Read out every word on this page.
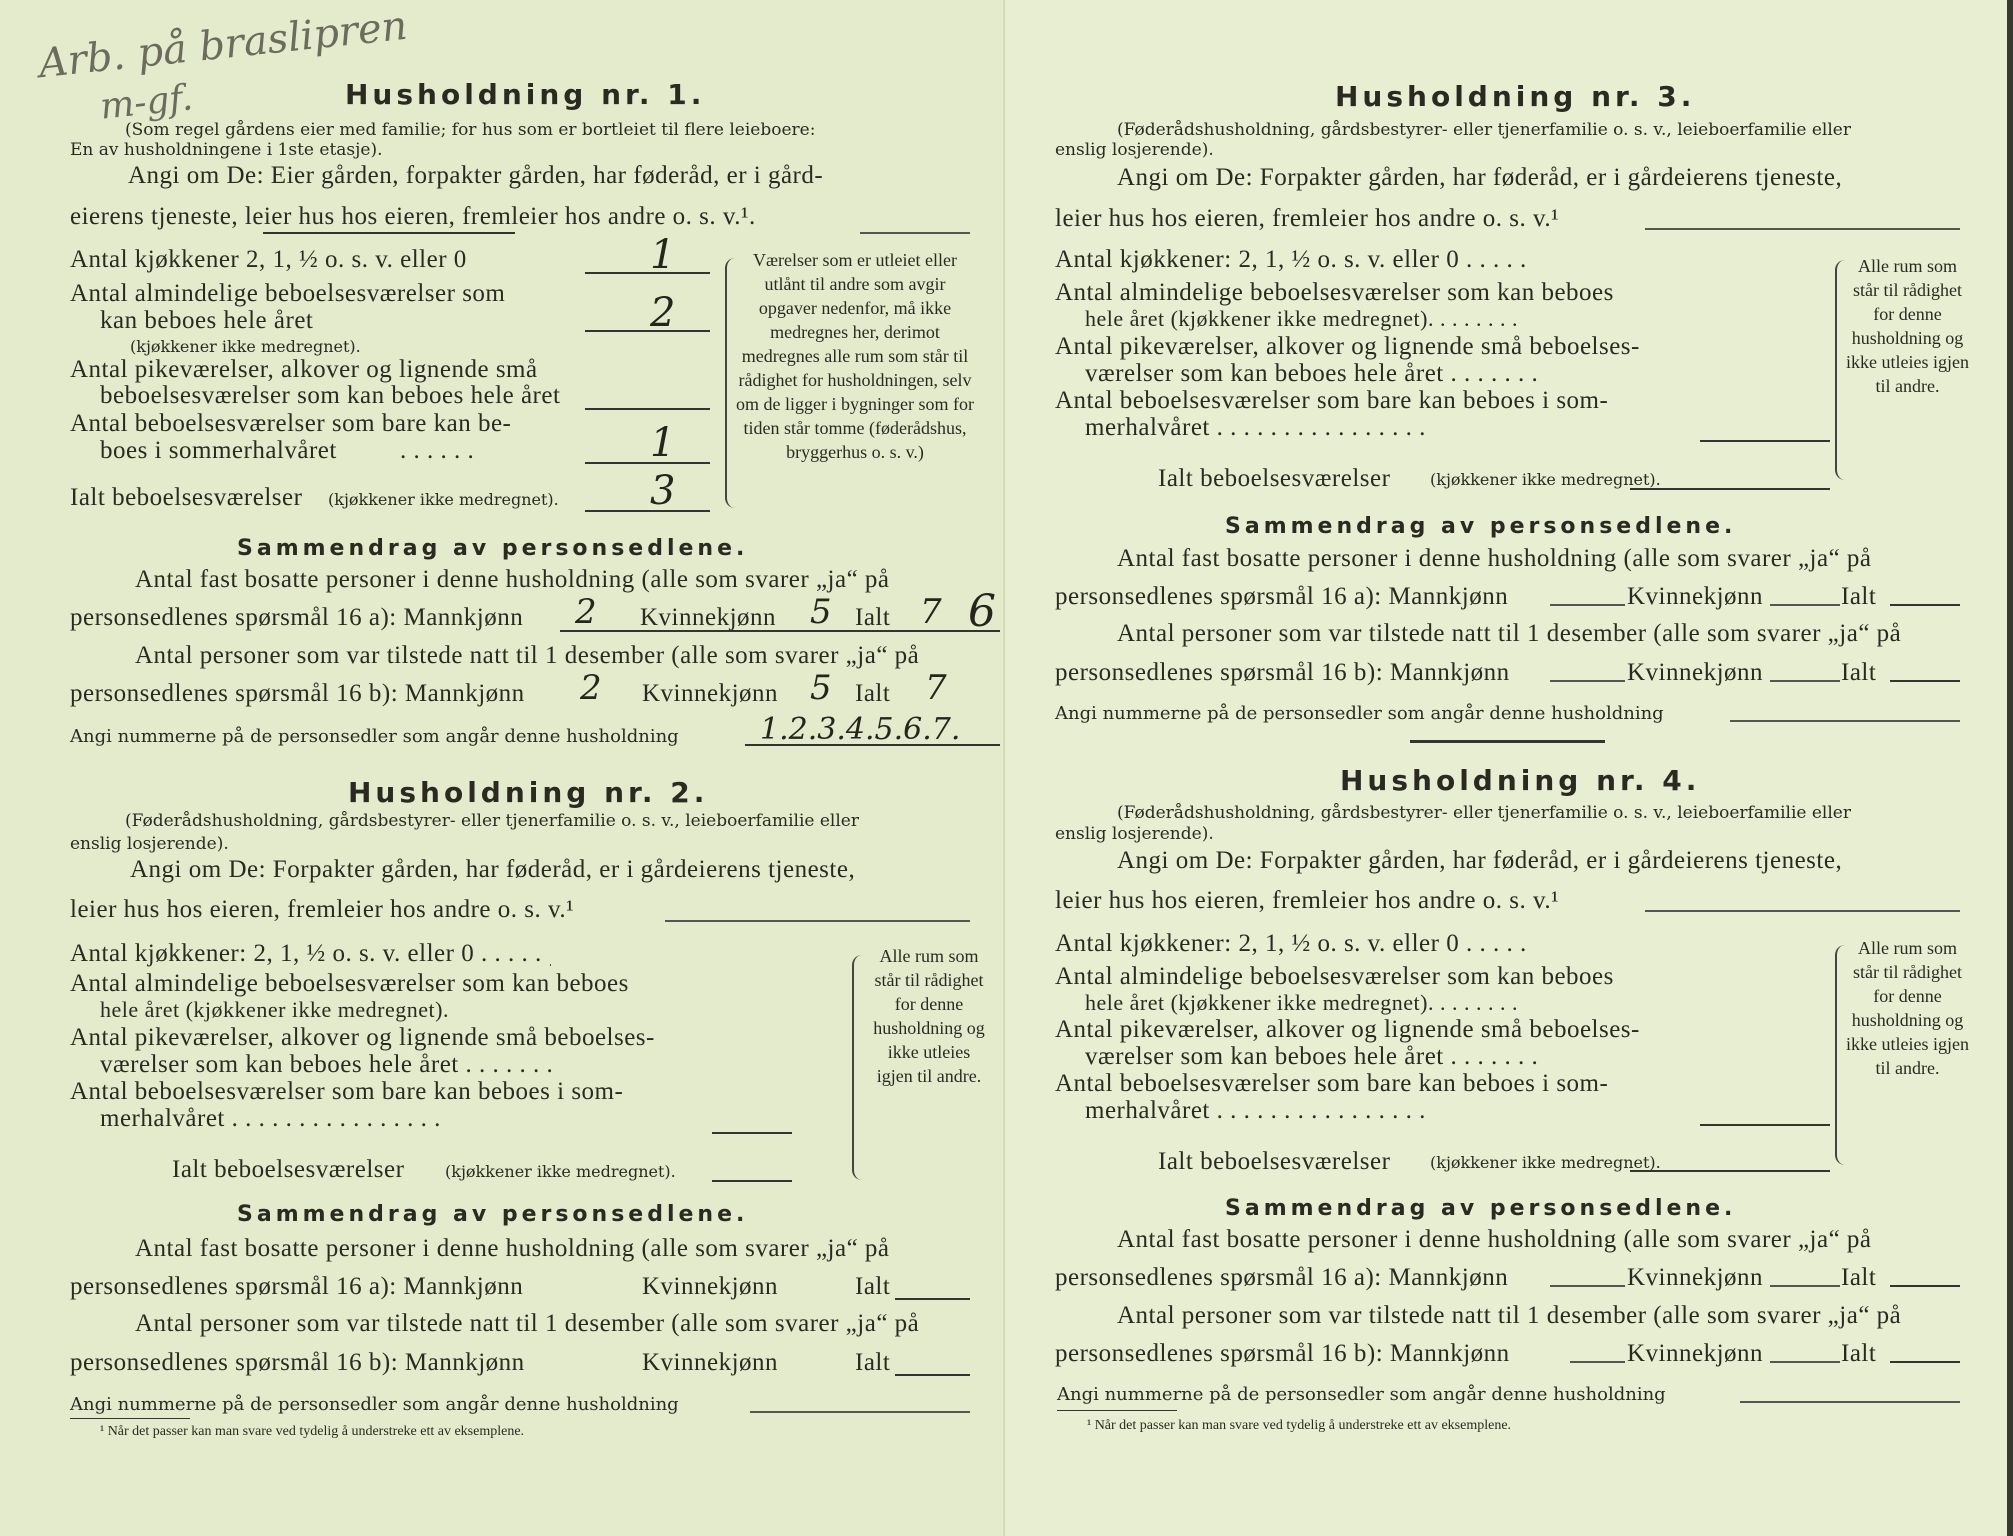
Arb. på braslipren
m-gf.	Husholdning nr. 1.
(Som regel gårdens eier med familie; for hus som er bortleiet til flere leieboere:
En av husholdningene i 1ste etasje).
Angi om De: Eier gården, forpakter gården, har føderåd, er i gård-
eierens tjeneste, leier hus hos eieren, fremleier hos andre o. s. v.¹.
Antal kjøkkener 2, 1, ½ o. s. v. eller 0	1
Antal almindelige beboelsesværelser som
kan beboes hele året
(kjøkkener ikke medregnet).
2
Antal pikeværelser, alkover og lignende små
beboelsesværelser som kan beboes hele året
Antal beboelsesværelser som bare kan be-
boes i sommerhalvåret	. . . . . .	1
Ialt beboelsesværelser (kjøkkener ikke medregnet). 3
Værelser som er utleiet eller utlånt til andre som avgir opgaver nedenfor, må ikke medregnes her, derimot medregnes alle rum som står til rådighet for husholdningen, selv om de ligger i bygninger som for tiden står tomme (føderådshus, bryggerhus o. s. v.)
Sammendrag av personsedlene.
Antal fast bosatte personer i denne husholdning (alle som svarer „ja“ på
personsedlenes spørsmål 16 a): Mannkjønn 2 Kvinnekjønn 5 Ialt 7 6
Antal personer som var tilstede natt til 1 desember (alle som svarer „ja“ på
personsedlenes spørsmål 16 b): Mannkjønn 2 Kvinnekjønn 5 Ialt 7
Angi nummerne på de personsedler som angår denne husholdning	1.2.3.4.5.6.7.
Husholdning nr. 2.
(Føderådshusholdning, gårdsbestyrer- eller tjenerfamilie o. s. v., leieboerfamilie eller
enslig losjerende).
Angi om De: Forpakter gården, har føderåd, er i gårdeierens tjeneste,
leier hus hos eieren, fremleier hos andre o. s. v.¹
Antal kjøkkener: 2, 1, ½ o. s. v. eller 0 . . . . .
Antal almindelige beboelsesværelser som kan beboes
hele året (kjøkkener ikke medregnet).
Antal pikeværelser, alkover og lignende små beboelses-
værelser som kan beboes hele året . . . . . . .
Antal beboelsesværelser som bare kan beboes i som-
merhalvåret . . . . . . . . . . . . . . . .
Ialt beboelsesværelser	(kjøkkener ikke medregnet).
Alle rum som står til rådighet for denne husholdning og ikke utleies igjen til andre.
Sammendrag av personsedlene.
Antal fast bosatte personer i denne husholdning (alle som svarer „ja“ på
personsedlenes spørsmål 16 a): Mannkjønn	Kvinnekjønn	Ialt
Antal personer som var tilstede natt til 1 desember (alle som svarer „ja“ på
personsedlenes spørsmål 16 b): Mannkjønn	Kvinnekjønn	Ialt
Angi nummerne på de personsedler som angår denne husholdning
¹ Når det passer kan man svare ved tydelig å understreke ett av eksemplene.
Husholdning nr. 3.
(Føderådshusholdning, gårdsbestyrer- eller tjenerfamilie o. s. v., leieboerfamilie eller
enslig losjerende).
Angi om De: Forpakter gården, har føderåd, er i gårdeierens tjeneste,
leier hus hos eieren, fremleier hos andre o. s. v.¹
Antal kjøkkener: 2, 1, ½ o. s. v. eller 0 . . . . .
Antal almindelige beboelsesværelser som kan beboes
hele året (kjøkkener ikke medregnet). . . . . . . .
Antal pikeværelser, alkover og lignende små beboelses-
værelser som kan beboes hele året . . . . . . .
Antal beboelsesværelser som bare kan beboes i som-
merhalvåret . . . . . . . . . . . . . . . .
Ialt beboelsesværelser (kjøkkener ikke medregnet).
Alle rum som står til rådighet for denne husholdning og ikke utleies igjen til andre.
Sammendrag av personsedlene.
Antal fast bosatte personer i denne husholdning (alle som svarer „ja“ på
personsedlenes spørsmål 16 a): Mannkjønn	Kvinnekjønn	Ialt
Antal personer som var tilstede natt til 1 desember (alle som svarer „ja“ på
personsedlenes spørsmål 16 b): Mannkjønn	Kvinnekjønn	Ialt
Angi nummerne på de personsedler som angår denne husholdning
Husholdning nr. 4.
(Føderådshusholdning, gårdsbestyrer- eller tjenerfamilie o. s. v., leieboerfamilie eller
enslig losjerende).
Angi om De: Forpakter gården, har føderåd, er i gårdeierens tjeneste,
leier hus hos eieren, fremleier hos andre o. s. v.¹
Antal kjøkkener: 2, 1, ½ o. s. v. eller 0 . . . . .
Antal almindelige beboelsesværelser som kan beboes
hele året (kjøkkener ikke medregnet). . . . . . . .
Antal pikeværelser, alkover og lignende små beboelses-
værelser som kan beboes hele året . . . . . . .
Antal beboelsesværelser som bare kan beboes i som-
merhalvåret . . . . . . . . . . . . . . . .
Ialt beboelsesværelser (kjøkkener ikke medregnet).
Alle rum som står til rådighet for denne husholdning og ikke utleies igjen til andre.
Sammendrag av personsedlene.
Antal fast bosatte personer i denne husholdning (alle som svarer „ja“ på
personsedlenes spørsmål 16 a): Mannkjønn	Kvinnekjønn	Ialt
Antal personer som var tilstede natt til 1 desember (alle som svarer „ja“ på
personsedlenes spørsmål 16 b): Mannkjønn	Kvinnekjønn	Ialt
Angi nummerne på de personsedler som angår denne husholdning
¹ Når det passer kan man svare ved tydelig å understreke ett av eksemplene.
